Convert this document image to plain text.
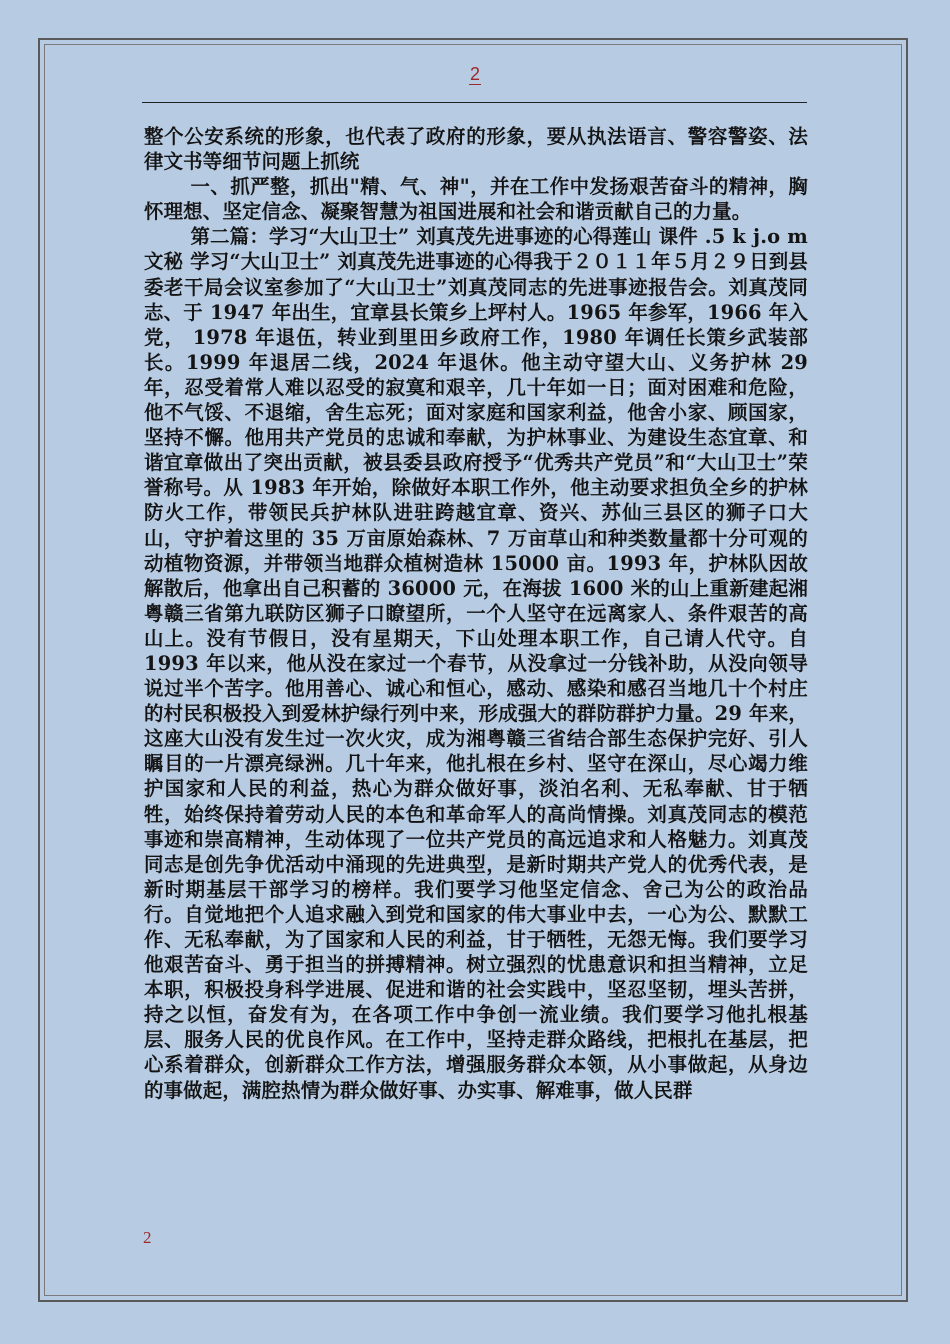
2

整个公安系统的形象，也代表了政府的形象，要从执法语言、警容警姿、法律文书等细节问题上抓统

一、抓严整，抓出"精、气、神"，并在工作中发扬艰苦奋斗的精神，胸怀理想、坚定信念、凝聚智慧为祖国进展和社会和谐贡献自己的力量。

第二篇：学习“大山卫士” 刘真茂先进事迹的心得莲山 课件 .5 k j.o m 文秘 学习“大山卫士” 刘真茂先进事迹的心得我于２０１１年５月２９日到县委老干局会议室参加了“大山卫士”刘真茂同志的先进事迹报告会。刘真茂同志、于 1947 年出生，宜章县长策乡上坪村人。1965 年参军，1966 年入党， 1978 年退伍，转业到里田乡政府工作，1980 年调任长策乡武装部长。1999 年退居二线，2024 年退休。他主动守望大山、义务护林 29 年，忍受着常人难以忍受的寂寞和艰辛，几十年如一日；面对困难和危险，他不气馁、不退缩，舍生忘死；面对家庭和国家利益，他舍小家、顾国家，坚持不懈。他用共产党员的忠诚和奉献，为护林事业、为建设生态宜章、和谐宜章做出了突出贡献，被县委县政府授予“优秀共产党员”和“大山卫士”荣誉称号。从 1983 年开始，除做好本职工作外，他主动要求担负全乡的护林防火工作，带领民兵护林队进驻跨越宜章、资兴、苏仙三县区的狮子口大山，守护着这里的 35 万亩原始森林、7 万亩草山和种类数量都十分可观的动植物资源，并带领当地群众植树造林 15000 亩。1993 年，护林队因故解散后，他拿出自己积蓄的 36000 元，在海拔 1600 米的山上重新建起湘粤赣三省第九联防区狮子口瞭望所，一个人坚守在远离家人、条件艰苦的高山上。没有节假日，没有星期天，下山处理本职工作，自己请人代守。自 1993 年以来，他从没在家过一个春节，从没拿过一分钱补助，从没向领导说过半个苦字。他用善心、诚心和恒心，感动、感染和感召当地几十个村庄的村民积极投入到爱林护绿行列中来，形成强大的群防群护力量。29 年来，这座大山没有发生过一次火灾，成为湘粤赣三省结合部生态保护完好、引人瞩目的一片漂亮绿洲。几十年来，他扎根在乡村、坚守在深山，尽心竭力维护国家和人民的利益，热心为群众做好事，淡泊名利、无私奉献、甘于牺牲，始终保持着劳动人民的本色和革命军人的高尚情操。刘真茂同志的模范事迹和崇高精神，生动体现了一位共产党员的高远追求和人格魅力。刘真茂同志是创先争优活动中涌现的先进典型，是新时期共产党人的优秀代表，是新时期基层干部学习的榜样。我们要学习他坚定信念、舍己为公的政治品行。自觉地把个人追求融入到党和国家的伟大事业中去，一心为公、默默工作、无私奉献，为了国家和人民的利益，甘于牺牲，无怨无悔。我们要学习他艰苦奋斗、勇于担当的拼搏精神。树立强烈的忧患意识和担当精神，立足本职，积极投身科学进展、促进和谐的社会实践中，坚忍坚韧，埋头苦拼，持之以恒，奋发有为，在各项工作中争创一流业绩。我们要学习他扎根基层、服务人民的优良作风。在工作中，坚持走群众路线，把根扎在基层，把心系着群众，创新群众工作方法，增强服务群众本领，从小事做起，从身边的事做起，满腔热情为群众做好事、办实事、解难事，做人民群

2
